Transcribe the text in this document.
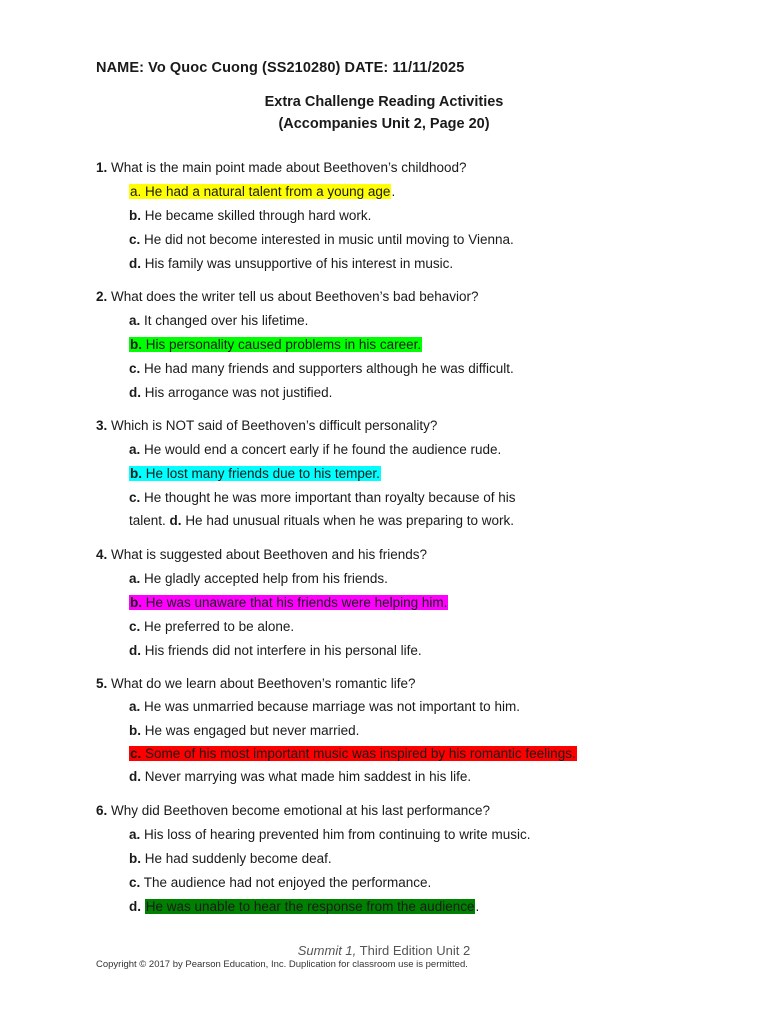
NAME: Vo Quoc Cuong (SS210280) DATE: 11/11/2025
Extra Challenge Reading Activities
(Accompanies Unit 2, Page 20)
1. What is the main point made about Beethoven’s childhood?
a. He had a natural talent from a young age.
b. He became skilled through hard work.
c. He did not become interested in music until moving to Vienna.
d. His family was unsupportive of his interest in music.
2. What does the writer tell us about Beethoven’s bad behavior?
a. It changed over his lifetime.
b. His personality caused problems in his career.
c. He had many friends and supporters although he was difficult.
d. His arrogance was not justified.
3. Which is NOT said of Beethoven’s difficult personality?
a. He would end a concert early if he found the audience rude.
b. He lost many friends due to his temper.
c. He thought he was more important than royalty because of his
talent. d. He had unusual rituals when he was preparing to work.
4. What is suggested about Beethoven and his friends?
a. He gladly accepted help from his friends.
b. He was unaware that his friends were helping him.
c. He preferred to be alone.
d. His friends did not interfere in his personal life.
5. What do we learn about Beethoven’s romantic life?
a. He was unmarried because marriage was not important to him.
b. He was engaged but never married.
c. Some of his most important music was inspired by his romantic feelings.
d. Never marrying was what made him saddest in his life.
6. Why did Beethoven become emotional at his last performance?
a. His loss of hearing prevented him from continuing to write music.
b. He had suddenly become deaf.
c. The audience had not enjoyed the performance.
d. He was unable to hear the response from the audience.
Summit 1, Third Edition Unit 2
Copyright © 2017 by Pearson Education, Inc. Duplication for classroom use is permitted.
